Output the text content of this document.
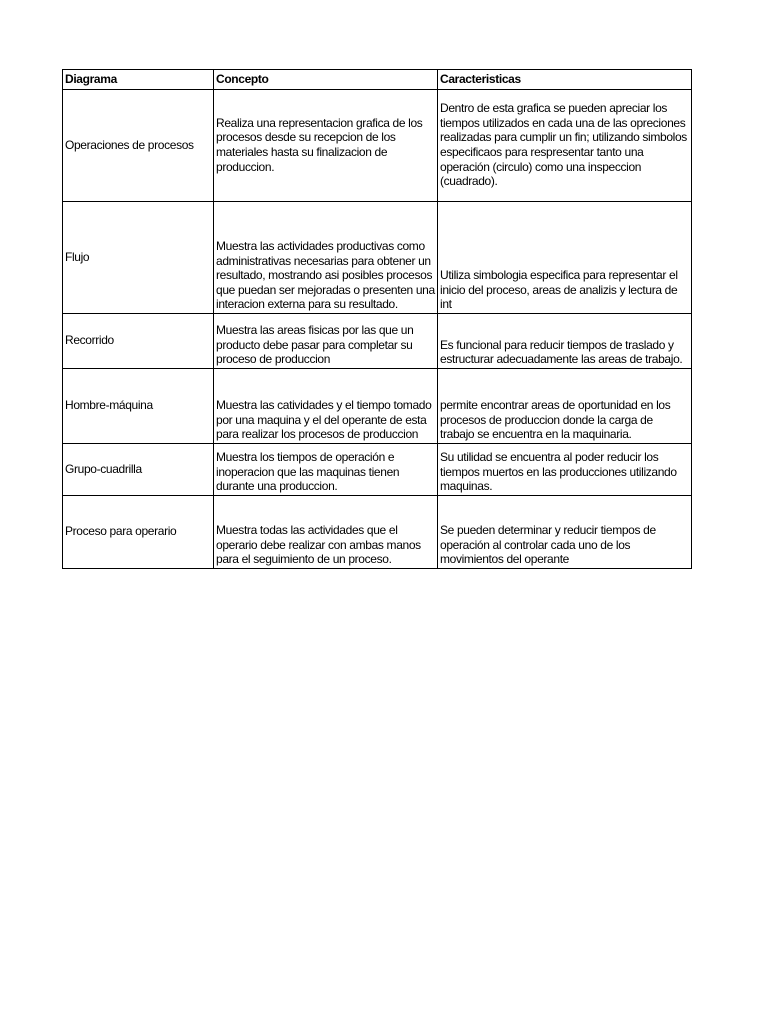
Diagrama	Concepto	Caracteristicas
Operaciones de procesos	Realiza una representacion grafica de los procesos desde su recepcion de los materiales hasta su finalizacion de produccion.	Dentro de esta grafica se pueden apreciar los tiempos utilizados en cada una de las opreciones realizadas para cumplir un fin; utilizando simbolos especificaos para respresentar tanto una operación (circulo) como una inspeccion (cuadrado).
Flujo	Muestra las actividades productivas como administrativas necesarias para obtener un resultado, mostrando asi posibles procesos que puedan ser mejoradas o presenten una interacion externa para su resultado.	Utiliza simbologia especifica para representar el inicio del proceso, areas de analizis y lectura de int
Recorrido	Muestra las areas fisicas por las que un producto debe pasar para completar su proceso de produccion	Es funcional para reducir tiempos de traslado y estructurar adecuadamente las areas de trabajo.
Hombre-máquina	Muestra las catividades y el tiempo tomado por una maquina y el del operante de esta para realizar los procesos de produccion	permite encontrar areas de oportunidad en los procesos de produccion donde la carga de trabajo se encuentra en la maquinaria.
Grupo-cuadrilla	Muestra los tiempos de operación e inoperacion que las maquinas tienen durante una produccion.	Su utilidad se encuentra al poder reducir los tiempos muertos en las producciones utilizando maquinas.
Proceso para operario	Muestra todas las actividades que el operario debe realizar con ambas manos para el seguimiento de un proceso.	Se pueden determinar y reducir tiempos de operación al controlar cada uno de los movimientos del operante
